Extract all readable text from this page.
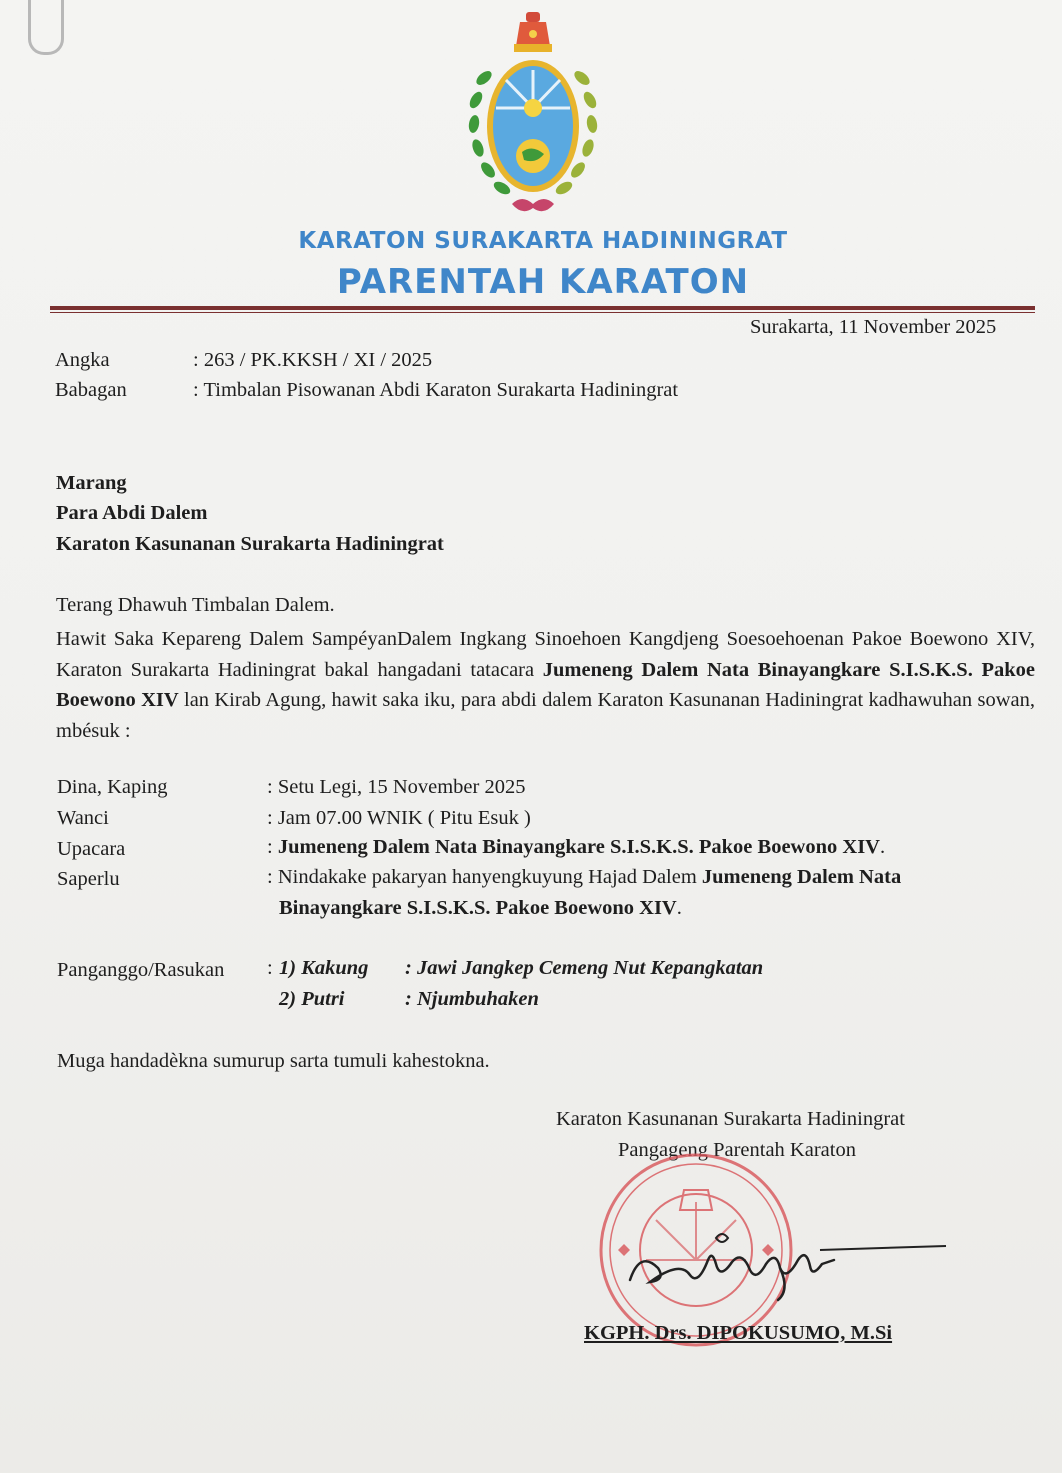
KARATON SURAKARTA HADININGRAT
PARENTAH KARATON
Surakarta, 11 November 2025
Angka	: 263 / PK.KKSH / XI / 2025
Babagan	: Timbalan Pisowanan Abdi Karaton Surakarta Hadiningrat
Marang
Para Abdi Dalem
Karaton Kasunanan Surakarta Hadiningrat
Terang Dhawuh Timbalan Dalem.
Hawit Saka Kepareng Dalem SampéyanDalem Ingkang Sinoehoen Kangdjeng Soesoehoenan Pakoe Boewono XIV, Karaton Surakarta Hadiningrat bakal hangadani tatacara Jumeneng Dalem Nata Binayangkare S.I.S.K.S. Pakoe Boewono XIV lan Kirab Agung, hawit saka iku, para abdi dalem Karaton Kasunanan Hadiningrat kadhawuhan sowan, mbésuk :
Dina, Kaping	: Setu Legi, 15 November 2025
Wanci	: Jam 07.00 WNIK ( Pitu Esuk )
Upacara	: Jumeneng Dalem Nata Binayangkare S.I.S.K.S. Pakoe Boewono XIV.
Saperlu	: Nindakake pakaryan hanyengkuyung Hajad Dalem Jumeneng Dalem Nata
Binayangkare S.I.S.K.S. Pakoe Boewono XIV.
Panganggo/Rasukan : 1) Kakung : Jawi Jangkep Cemeng Nut Kepangkatan
2) Putri	: Njumbuhaken
Muga handadèkna sumurup sarta tumuli kahestokna.
Karaton Kasunanan Surakarta Hadiningrat
Pangageng Parentah Karaton
KGPH. Drs. DIPOKUSUMO, M.Si
